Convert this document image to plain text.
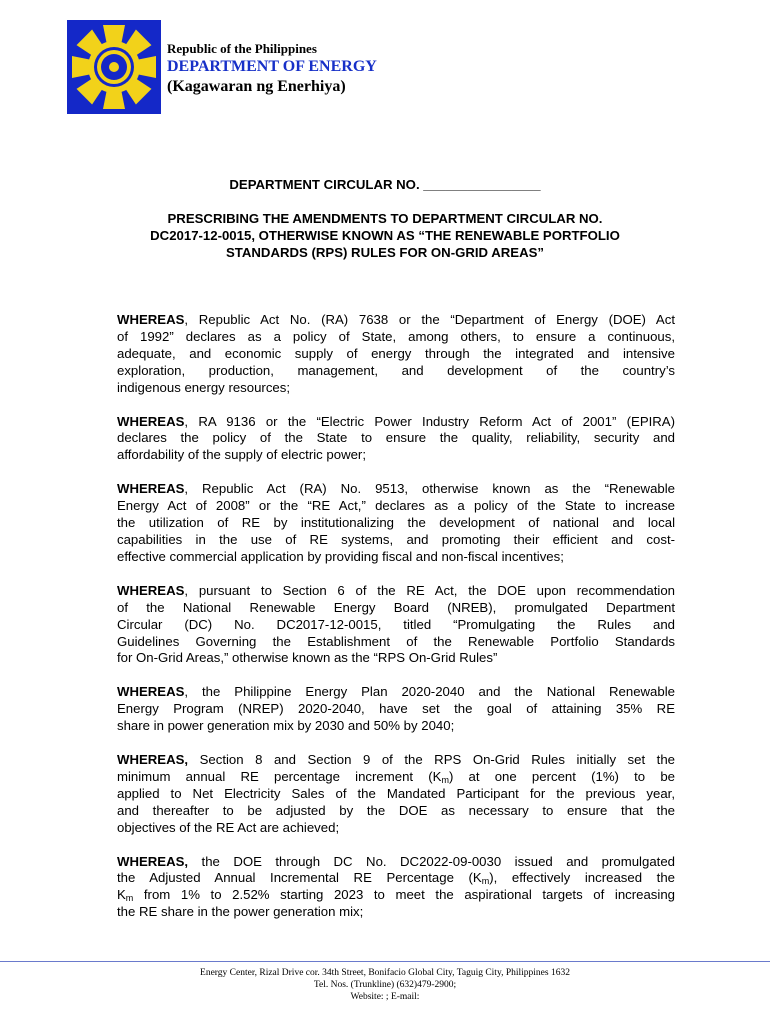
Republic of the Philippines
DEPARTMENT OF ENERGY
(Kagawaran ng Enerhiya)
DEPARTMENT CIRCULAR NO. ________________
PRESCRIBING THE AMENDMENTS TO DEPARTMENT CIRCULAR NO.
DC2017-12-0015, OTHERWISE KNOWN AS “THE RENEWABLE PORTFOLIO
STANDARDS (RPS) RULES FOR ON-GRID AREAS”
WHEREAS, Republic Act No. (RA) 7638 or the “Department of Energy (DOE) Act
of 1992” declares as a policy of State, among others, to ensure a continuous,
adequate, and economic supply of energy through the integrated and intensive
exploration, production, management, and development of the country’s
indigenous energy resources;
WHEREAS, RA 9136 or the “Electric Power Industry Reform Act of 2001” (EPIRA)
declares the policy of the State to ensure the quality, reliability, security and
affordability of the supply of electric power;
WHEREAS, Republic Act (RA) No. 9513, otherwise known as the “Renewable
Energy Act of 2008” or the “RE Act,” declares as a policy of the State to increase
the utilization of RE by institutionalizing the development of national and local
capabilities in the use of RE systems, and promoting their efficient and cost-
effective commercial application by providing fiscal and non-fiscal incentives;
WHEREAS, pursuant to Section 6 of the RE Act, the DOE upon recommendation
of the National Renewable Energy Board (NREB), promulgated Department
Circular (DC) No. DC2017-12-0015, titled “Promulgating the Rules and
Guidelines Governing the Establishment of the Renewable Portfolio Standards
for On-Grid Areas,” otherwise known as the “RPS On-Grid Rules”
WHEREAS, the Philippine Energy Plan 2020-2040 and the National Renewable
Energy Program (NREP) 2020-2040, have set the goal of attaining 35% RE
share in power generation mix by 2030 and 50% by 2040;
WHEREAS, Section 8 and Section 9 of the RPS On-Grid Rules initially set the
minimum annual RE percentage increment $(K_m)$ at one percent (1%) to be
applied to Net Electricity Sales of the Mandated Participant for the previous year,
and thereafter to be adjusted by the DOE as necessary to ensure that the
objectives of the RE Act are achieved;
WHEREAS, the DOE through DC No. DC2022-09-0030 issued and promulgated
the Adjusted Annual Incremental RE Percentage $(K_m)$, effectively increased the
$K_m$ from 1% to 2.52% starting 2023 to meet the aspirational targets of increasing
the RE share in the power generation mix;
Energy Center, Rizal Drive cor. 34th Street, Bonifacio Global City, Taguig City, Philippines 1632
Tel. Nos. (Trunkline) (632)479-2900;
Website: ; E-mail:
